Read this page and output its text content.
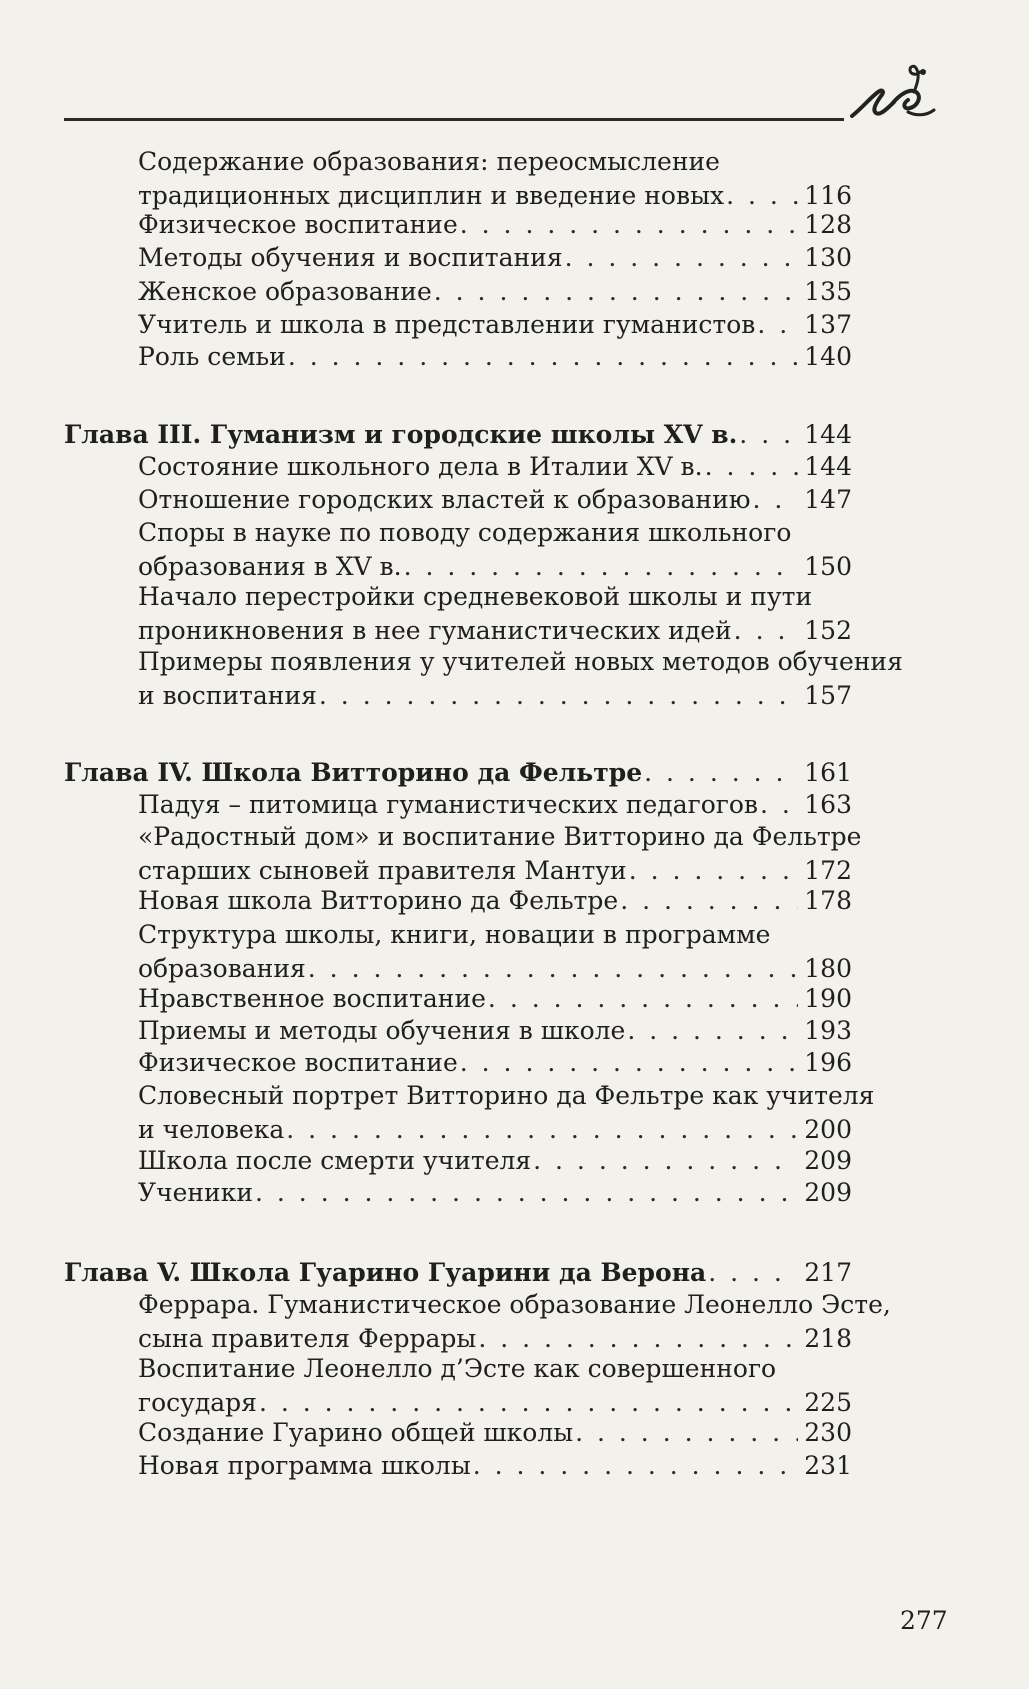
Содержание образования: переосмысление
традиционных дисциплин и введение новых . . .	116
Физическое воспитание . . .	128
Методы обучения и воспитания . . .	130
Женское образование . . .	135
Учитель и школа в представлении гуманистов . . . 137
Роль семьи . . .	140
Глава III. Гуманизм и городские школы XV в. . . .	144
Состояние школьного дела в Италии XV в. . . .	144
Отношение городских властей к образованию . . . 147
Споры в науке по поводу содержания школьного
образования в XV в. . . .	150
Начало перестройки средневековой школы и пути
проникновения в нее гуманистических идей . . .	152
Примеры появления у учителей новых методов обучения
и воспитания . . .	157
Глава IV. Школа Витторино да Фельтре . . .	161
Падуя – питомица гуманистических педагогов . . . 163
«Радостный дом» и воспитание Витторино да Фельтре
старших сыновей правителя Мантуи . . .	172
Новая школа Витторино да Фельтре . . .	178
Структура школы, книги, новации в программе
образования . . .	180
Нравственное воспитание . . .	190
Приемы и методы обучения в школе . . .	193
Физическое воспитание . . .	196
Словесный портрет Витторино да Фельтре как учителя
и человека . . .	200
Школа после смерти учителя . . .	209
Ученики . . .	209
Глава V. Школа Гуарино Гуарини да Верона . . .	217
Феррара. Гуманистическое образование Леонелло Эсте,
сына правителя Феррары . . .	218
Воспитание Леонелло д’Эсте как совершенного
государя . . .	225
Создание Гуарино общей школы . . .	230
Новая программа школы . . .	231
277
